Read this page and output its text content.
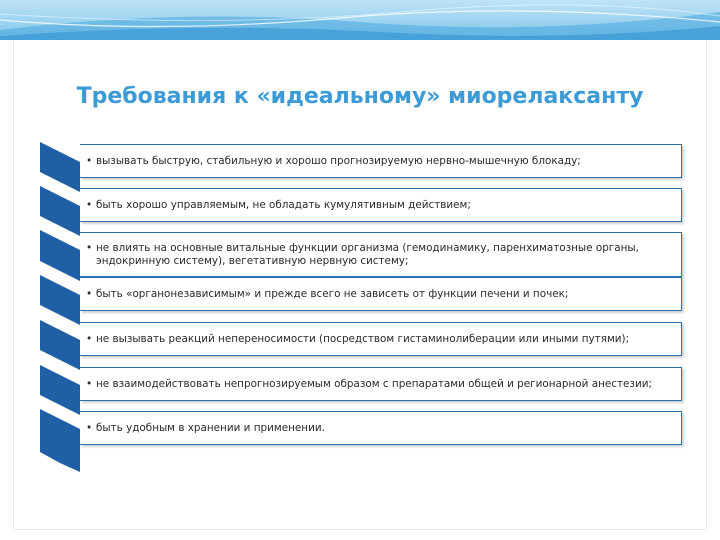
Требования к «идеальному» миорелаксанту
• вызывать быструю, стабильную и хорошо прогнозируемую нервно-мышечную блокаду;
• быть хорошо управляемым, не обладать кумулятивным действием;
• не влиять на основные витальные функции организма (гемодинамику, паренхиматозные органы, эндокринную систему), вегетативную нервную систему;
• быть «органонезависимым» и прежде всего не зависеть от функции печени и почек;
• не вызывать реакций непереносимости (посредством гистаминолиберации или иными путями);
• не взаимодействовать непрогнозируемым образом с препаратами общей и регионарной анестезии;
• быть удобным в хранении и применении.
